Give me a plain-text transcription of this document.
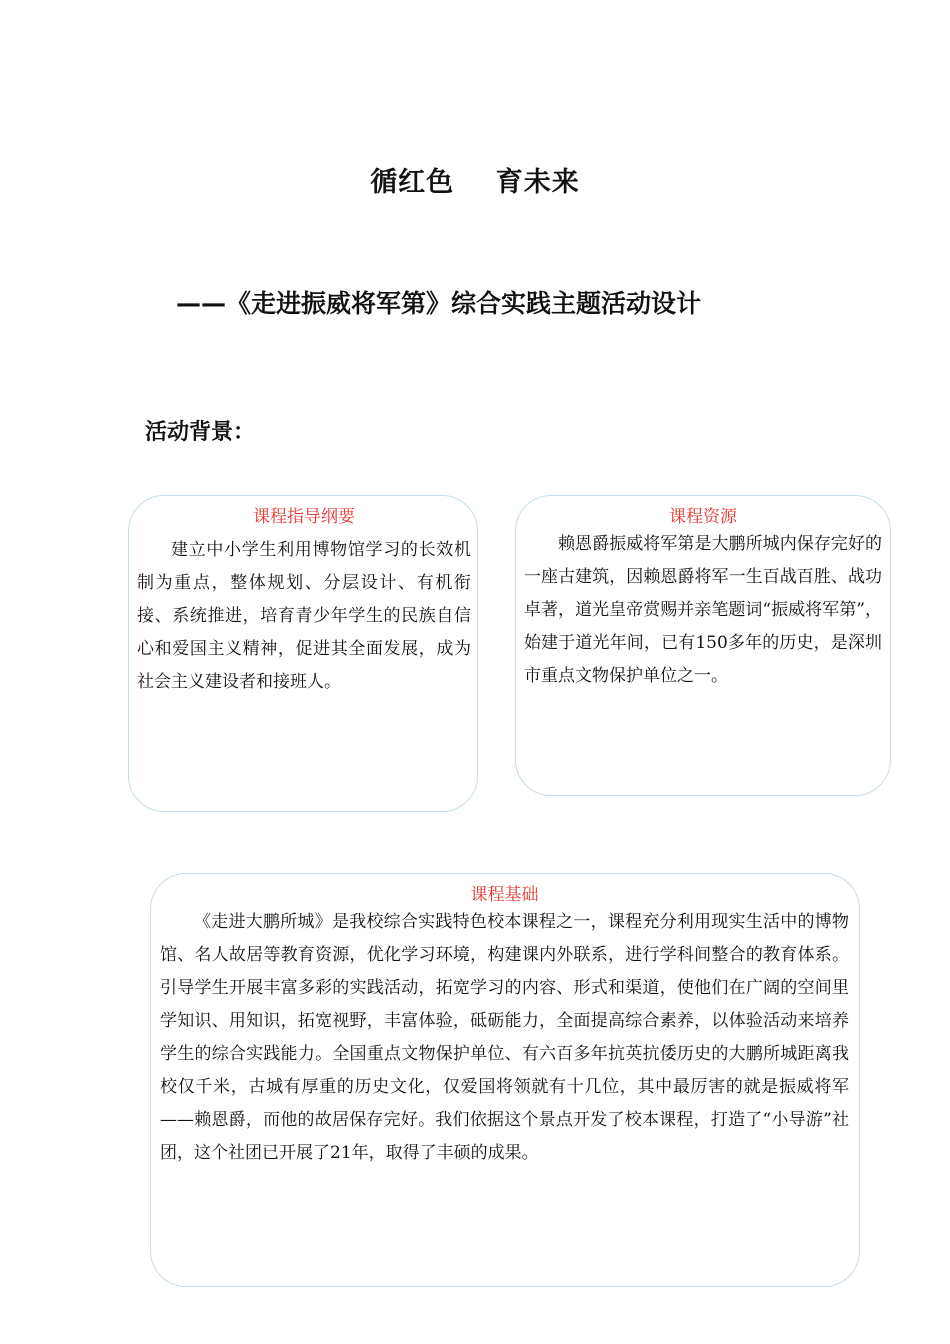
循红色    育未来
——《走进振威将军第》综合实践主题活动设计
活动背景：
课程指导纲要
建立中小学生利用博物馆学习的长效机制为重点，整体规划、分层设计、有机衔接、系统推进，培育青少年学生的民族自信心和爱国主义精神，促进其全面发展，成为社会主义建设者和接班人。
课程资源
赖恩爵振威将军第是大鹏所城内保存完好的一座古建筑，因赖恩爵将军一生百战百胜、战功卓著，道光皇帝赏赐并亲笔题词“振威将军第”，始建于道光年间，已有150多年的历史，是深圳市重点文物保护单位之一。
课程基础
《走进大鹏所城》是我校综合实践特色校本课程之一，课程充分利用现实生活中的博物馆、名人故居等教育资源，优化学习环境，构建课内外联系，进行学科间整合的教育体系。引导学生开展丰富多彩的实践活动，拓宽学习的内容、形式和渠道，使他们在广阔的空间里学知识、用知识，拓宽视野，丰富体验，砥砺能力，全面提高综合素养，以体验活动来培养学生的综合实践能力。全国重点文物保护单位、有六百多年抗英抗倭历史的大鹏所城距离我校仅千米，古城有厚重的历史文化，仅爱国将领就有十几位，其中最厉害的就是振威将军——赖恩爵，而他的故居保存完好。我们依据这个景点开发了校本课程，打造了“小导游”社团，这个社团已开展了21年，取得了丰硕的成果。
